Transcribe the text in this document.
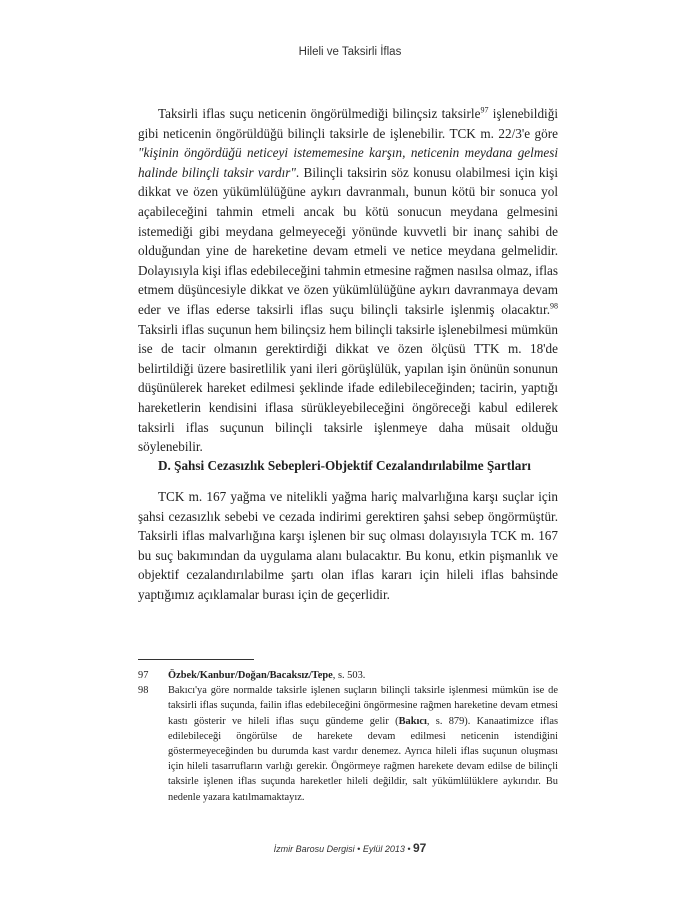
Hileli ve Taksirli İflas

Taksirli iflas suçu neticenin öngörülmediği bilinçsiz taksirle$^{97}$ işlenebildiği gibi neticenin öngörüldüğü bilinçli taksirle de işlenebilir. TCK m. 22/3'e göre "kişinin öngördüğü neticeyi istememesine karşın, neticenin meydana gelmesi halinde bilinçli taksir vardır". Bilinçli taksirin söz konusu olabilmesi için kişi dikkat ve özen yükümlülüğüne aykırı davranmalı, bunun kötü bir sonuca yol açabileceğini tahmin etmeli ancak bu kötü sonucun meydana gelmesini istemediği gibi meydana gelmeyeceği yönünde kuvvetli bir inanç sahibi de olduğundan yine de hareketine devam etmeli ve netice meydana gelmelidir. Dolayısıyla kişi iflas edebileceğini tahmin etmesine rağmen nasılsa olmaz, iflas etmem düşüncesiyle dikkat ve özen yükümlülüğüne aykırı davranmaya devam eder ve iflas ederse taksirli iflas suçu bilinçli taksirle işlenmiş olacaktır.$^{98}$ Taksirli iflas suçunun hem bilinçsiz hem bilinçli taksirle işlenebilmesi mümkün ise de tacir olmanın gerektirdiği dikkat ve özen ölçüsü TTK m. 18'de belirtildiği üzere basiretlilik yani ileri görüşlülük, yapılan işin önünün sonunun düşünülerek hareket edilmesi şeklinde ifade edilebileceğinden; tacirin, yaptığı hareketlerin kendisini iflasa sürükleyebileceğini öngöreceği kabul edilerek taksirli iflas suçunun bilinçli taksirle işlenmeye daha müsait olduğu söylenebilir.

D. Şahsi Cezasızlık Sebepleri-Objektif Cezalandırılabilme Şartları

TCK m. 167 yağma ve nitelikli yağma hariç malvarlığına karşı suçlar için şahsi cezasızlık sebebi ve cezada indirimi gerektiren şahsi sebep öngörmüştür. Taksirli iflas malvarlığına karşı işlenen bir suç olması dolayısıyla TCK m. 167 bu suç bakımından da uygulama alanı bulacaktır. Bu konu, etkin pişmanlık ve objektif cezalandırılabilme şartı olan iflas kararı için hileli iflas bahsinde yaptığımız açıklamalar burası için de geçerlidir.

97	Özbek/Kanbur/Doğan/Bacaksız/Tepe, s. 503.
98	Bakıcı'ya göre normalde taksirle işlenen suçların bilinçli taksirle işlenmesi mümkün ise de taksirli iflas suçunda, failin iflas edebileceğini öngörmesine rağmen hareketine devam etmesi kastı gösterir ve hileli iflas suçu gündeme gelir (Bakıcı, s. 879). Kanaatimizce iflas edilebileceği öngörülse de harekete devam edilmesi neticenin istendiğini göstermeyeceğinden bu durumda kast vardır denemez. Ayrıca hileli iflas suçunun oluşması için hileli tasarrufların varlığı gerekir. Öngörmeye rağmen harekete devam edilse de bilinçli taksirle işlenen iflas suçunda hareketler hileli değildir, salt yükümlülüklere aykırıdır. Bu nedenle yazara katılmamaktayız.
İzmir Barosu Dergisi • Eylül 2013 • 97
